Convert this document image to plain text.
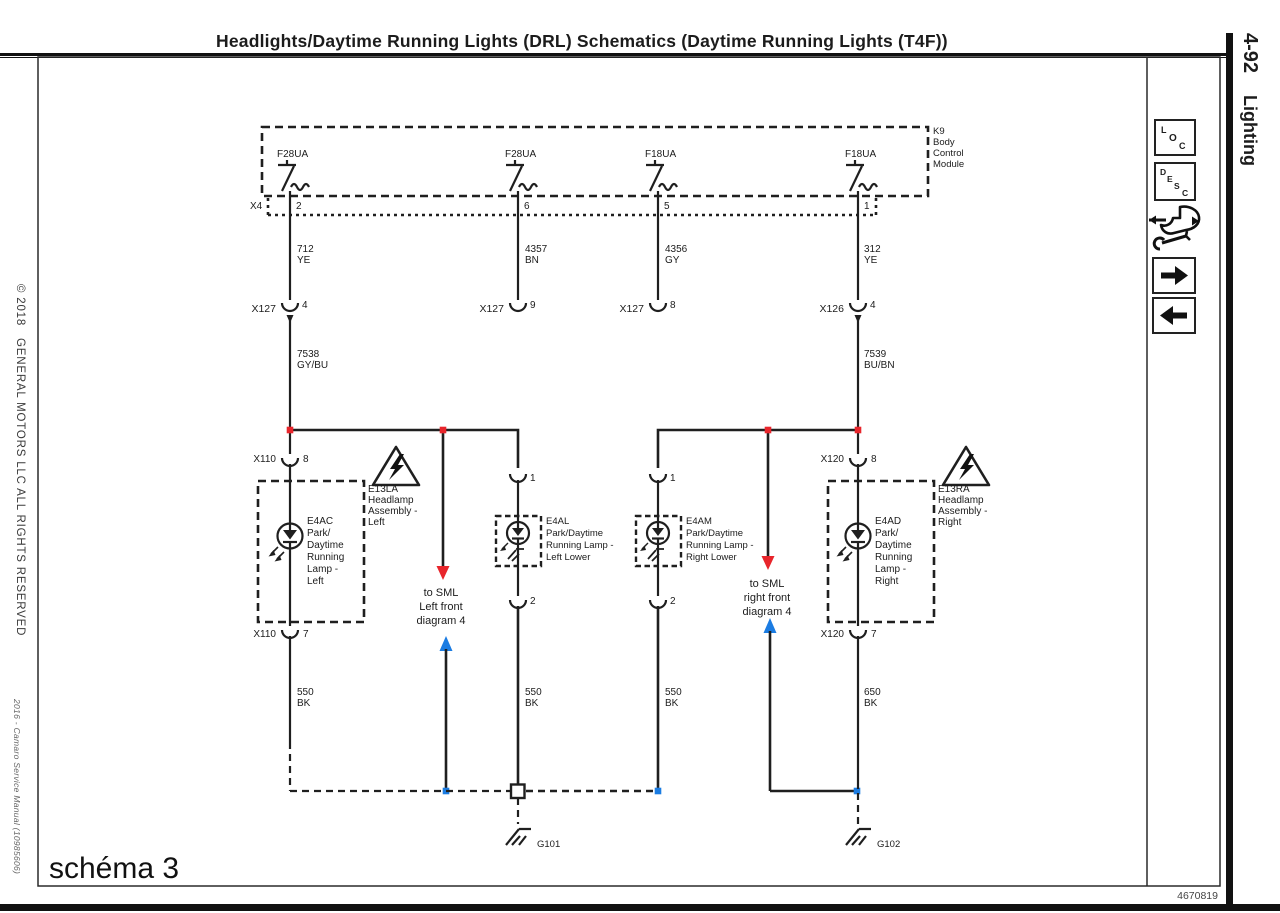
Headlights/Daytime Running Lights (DRL) Schematics (Daytime Running Lights (T4F))
© 2018   GENERAL MOTORS LLC ALL RIGHTS RESERVED
2016 - Camaro Service Manual (10985606)
4-92
Lighting
L
O
C
D
E
S
C
4670819
schéma 3
K9
Body
Control
Module
X4	2	6	5	1
F28UA	F28UA	F18UA	F18UA
712
YE
4357
BN
4356
GY
312
YE
X127	4	X127	9	X127	8	X126	4
7538
GY/BU
7539
BU/BN
X110	8
E4AC
Park/
Daytime
Running
Lamp -
Left
X110	7
E13LA
Headlamp
Assembly -
Left
E13RA
Headlamp
Assembly -
Right
1
E4AL
Park/Daytime
Running Lamp -
Left Lower
2
1
E4AM
Park/Daytime
Running Lamp -
Right Lower
2
X120	8
E4AD
Park/
Daytime
Running
Lamp -
Right
X120	7
to SML
Left front
diagram 4
to SML
right front
diagram 4
550
BK
550
BK
550
BK
650
BK
G101	G102
